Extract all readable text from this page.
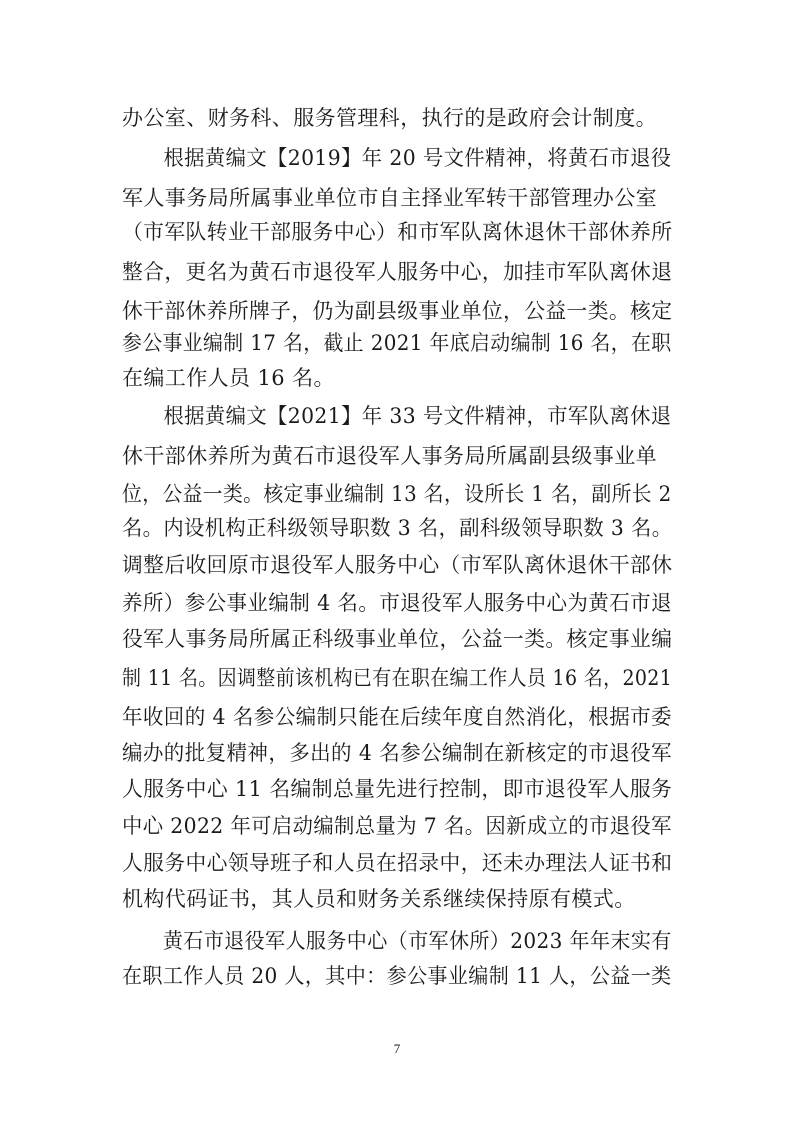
办公室、财务科、服务管理科，执行的是政府会计制度。
　　根据黄编文【2019】年 20 号文件精神，将黄石市退役
军人事务局所属事业单位市自主择业军转干部管理办公室
（市军队转业干部服务中心）和市军队离休退休干部休养所
整合，更名为黄石市退役军人服务中心，加挂市军队离休退
休干部休养所牌子，仍为副县级事业单位，公益一类。核定
参公事业编制 17 名，截止 2021 年底启动编制 16 名，在职
在编工作人员 16 名。
　　根据黄编文【2021】年 33 号文件精神，市军队离休退
休干部休养所为黄石市退役军人事务局所属副县级事业单
位，公益一类。核定事业编制 13 名，设所长 1 名，副所长 2
名。内设机构正科级领导职数 3 名，副科级领导职数 3 名。
调整后收回原市退役军人服务中心（市军队离休退休干部休
养所）参公事业编制 4 名。市退役军人服务中心为黄石市退
役军人事务局所属正科级事业单位，公益一类。核定事业编
制 11 名。因调整前该机构已有在职在编工作人员 16 名，2021
年收回的 4 名参公编制只能在后续年度自然消化，根据市委
编办的批复精神，多出的 4 名参公编制在新核定的市退役军
人服务中心 11 名编制总量先进行控制，即市退役军人服务
中心 2022 年可启动编制总量为 7 名。因新成立的市退役军
人服务中心领导班子和人员在招录中，还未办理法人证书和
机构代码证书，其人员和财务关系继续保持原有模式。
　　黄石市退役军人服务中心（市军休所）2023 年年末实有
在职工作人员 20 人，其中：参公事业编制 11 人，公益一类
7
